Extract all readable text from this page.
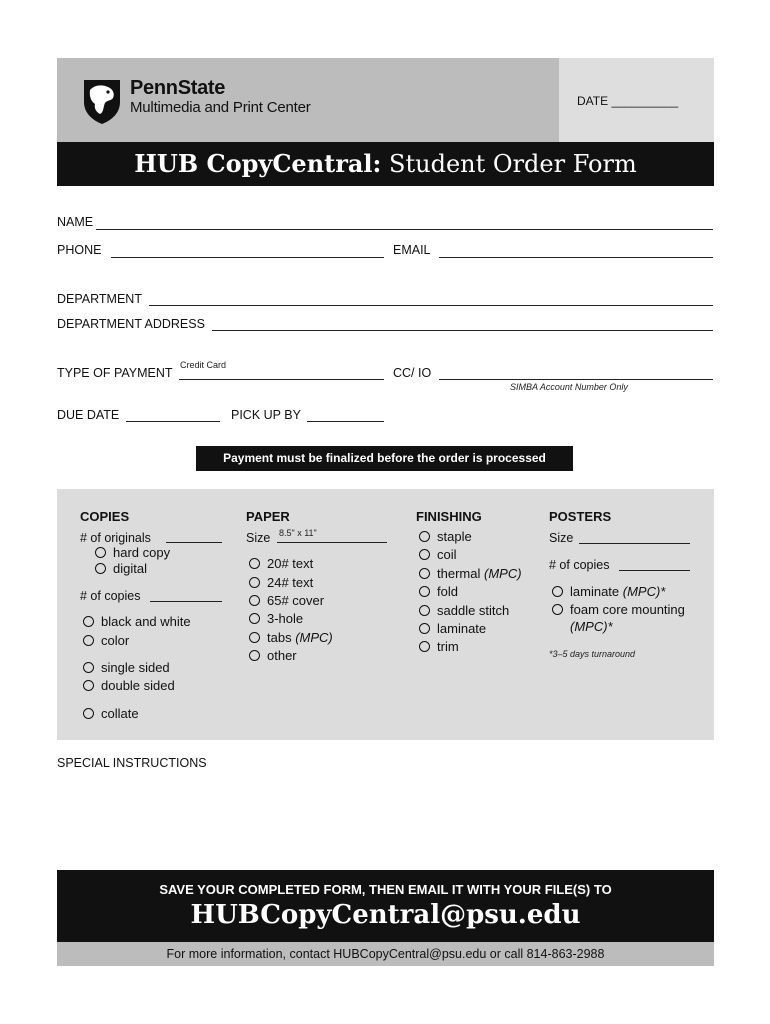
PennState
Multimedia and Print Center	DATE __________
HUB CopyCentral: Student Order Form
NAME
PHONE	EMAIL
DEPARTMENT
DEPARTMENT ADDRESS
TYPE OF PAYMENT
Credit Card
CC/ IO
SIMBA Account Number Only
DUE DATE	PICK UP BY
Payment must be finalized before the order is processed
COPIES
# of originals
hard copy
digital
# of copies
black and white
color
single sided
double sided
collate
PAPER
Size 8.5" x 11"
20# text
24# text
65# cover
3-hole
tabs
(MPC)
other
FINISHING
staple
coil
thermal
(MPC)
fold
saddle stitch
laminate
trim
POSTERS
Size
# of copies
laminate
(MPC)*
foam core mounting
(MPC)*
*3–5 days turnaround
SPECIAL INSTRUCTIONS
SAVE YOUR COMPLETED FORM, THEN EMAIL IT WITH YOUR FILE(S) TO
HUBCopyCentral@psu.edu
For more information, contact HUBCopyCentral@psu.edu or call 814-863-2988
